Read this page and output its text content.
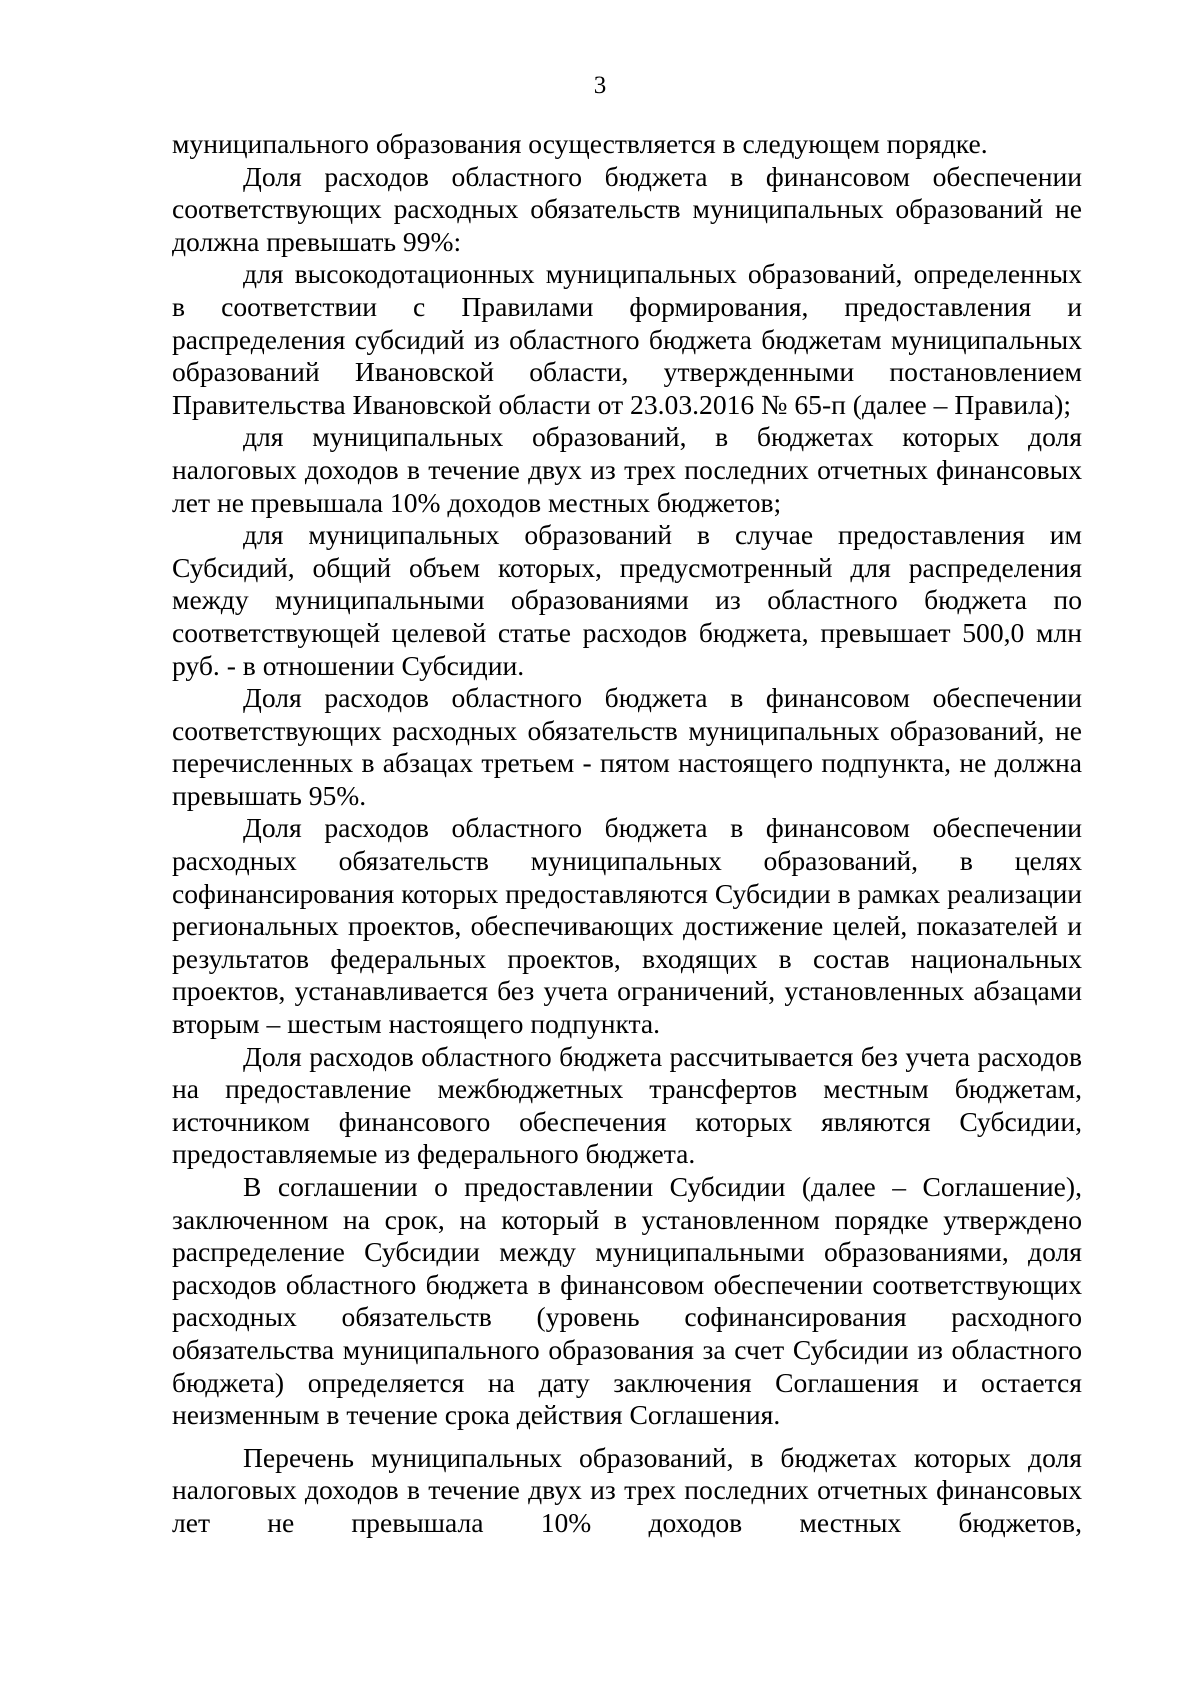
3

муниципального образования осуществляется в следующем порядке.

Доля расходов областного бюджета в финансовом обеспечении соответствующих расходных обязательств муниципальных образований не должна превышать 99%:

для высокодотационных муниципальных образований, определенных в соответствии с Правилами формирования, предоставления и распределения субсидий из областного бюджета бюджетам муниципальных образований Ивановской области, утвержденными постановлением Правительства Ивановской области от 23.03.2016 № 65-п (далее – Правила);

для муниципальных образований, в бюджетах которых доля налоговых доходов в течение двух из трех последних отчетных финансовых лет не превышала 10% доходов местных бюджетов;

для муниципальных образований в случае предоставления им Субсидий, общий объем которых, предусмотренный для распределения между муниципальными образованиями из областного бюджета по соответствующей целевой статье расходов бюджета, превышает 500,0 млн руб. - в отношении Субсидии.

Доля расходов областного бюджета в финансовом обеспечении соответствующих расходных обязательств муниципальных образований, не перечисленных в абзацах третьем - пятом настоящего подпункта, не должна превышать 95%.

Доля расходов областного бюджета в финансовом обеспечении расходных обязательств муниципальных образований, в целях софинансирования которых предоставляются Субсидии в рамках реализации региональных проектов, обеспечивающих достижение целей, показателей и результатов федеральных проектов, входящих в состав национальных проектов, устанавливается без учета ограничений, установленных абзацами вторым – шестым настоящего подпункта.

Доля расходов областного бюджета рассчитывается без учета расходов на предоставление межбюджетных трансфертов местным бюджетам, источником финансового обеспечения которых являются Субсидии, предоставляемые из федерального бюджета.

В соглашении о предоставлении Субсидии (далее – Соглашение), заключенном на срок, на который в установленном порядке утверждено распределение Субсидии между муниципальными образованиями, доля расходов областного бюджета в финансовом обеспечении соответствующих расходных обязательств (уровень софинансирования расходного обязательства муниципального образования за счет Субсидии из областного бюджета) определяется на дату заключения Соглашения и остается неизменным в течение срока действия Соглашения.

Перечень муниципальных образований, в бюджетах которых доля налоговых доходов в течение двух из трех последних отчетных финансовых лет не превышала 10% доходов местных бюджетов,
